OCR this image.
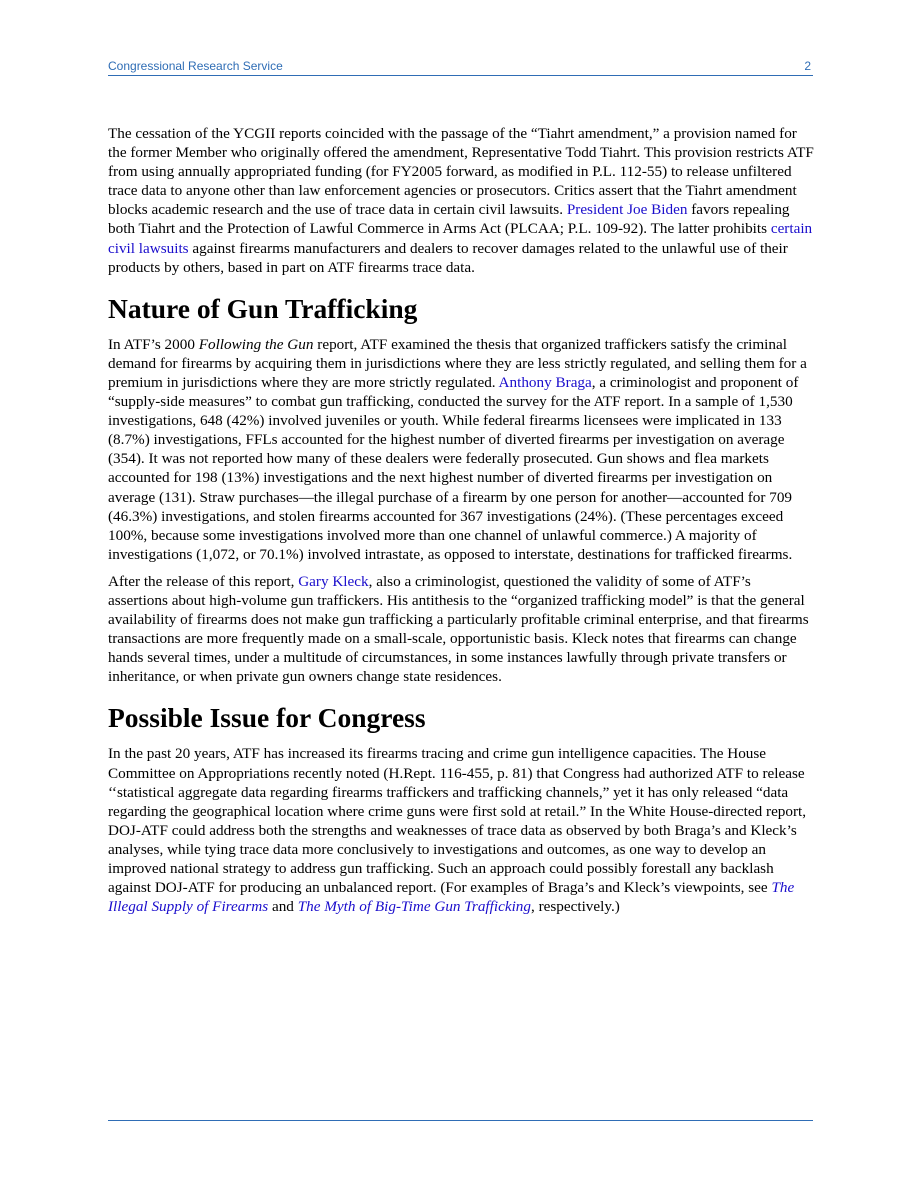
Congressional Research Service	2

The cessation of the YCGII reports coincided with the passage of the “Tiahrt amendment,” a provision named for the former Member who originally offered the amendment, Representative Todd Tiahrt. This provision restricts ATF from using annually appropriated funding (for FY2005 forward, as modified in P.L. 112-55) to release unfiltered trace data to anyone other than law enforcement agencies or prosecutors. Critics assert that the Tiahrt amendment blocks academic research and the use of trace data in certain civil lawsuits. President Joe Biden favors repealing both Tiahrt and the Protection of Lawful Commerce in Arms Act (PLCAA; P.L. 109-92). The latter prohibits certain civil lawsuits against firearms manufacturers and dealers to recover damages related to the unlawful use of their products by others, based in part on ATF firearms trace data.

Nature of Gun Trafficking

In ATF’s 2000 Following the Gun report, ATF examined the thesis that organized traffickers satisfy the criminal demand for firearms by acquiring them in jurisdictions where they are less strictly regulated, and selling them for a premium in jurisdictions where they are more strictly regulated. Anthony Braga, a criminologist and proponent of “supply-side measures” to combat gun trafficking, conducted the survey for the ATF report. In a sample of 1,530 investigations, 648 (42%) involved juveniles or youth. While federal firearms licensees were implicated in 133 (8.7%) investigations, FFLs accounted for the highest number of diverted firearms per investigation on average (354). It was not reported how many of these dealers were federally prosecuted. Gun shows and flea markets accounted for 198 (13%) investigations and the next highest number of diverted firearms per investigation on average (131). Straw purchases—the illegal purchase of a firearm by one person for another—accounted for 709 (46.3%) investigations, and stolen firearms accounted for 367 investigations (24%). (These percentages exceed 100%, because some investigations involved more than one channel of unlawful commerce.) A majority of investigations (1,072, or 70.1%) involved intrastate, as opposed to interstate, destinations for trafficked firearms.

After the release of this report, Gary Kleck, also a criminologist, questioned the validity of some of ATF’s assertions about high-volume gun traffickers. His antithesis to the “organized trafficking model” is that the general availability of firearms does not make gun trafficking a particularly profitable criminal enterprise, and that firearms transactions are more frequently made on a small-scale, opportunistic basis. Kleck notes that firearms can change hands several times, under a multitude of circumstances, in some instances lawfully through private transfers or inheritance, or when private gun owners change state residences.

Possible Issue for Congress

In the past 20 years, ATF has increased its firearms tracing and crime gun intelligence capacities. The House Committee on Appropriations recently noted (H.Rept. 116-455, p. 81) that Congress had authorized ATF to release ‘‘statistical aggregate data regarding firearms traffickers and trafficking channels,” yet it has only released “data regarding the geographical location where crime guns were first sold at retail.” In the White House-directed report, DOJ-ATF could address both the strengths and weaknesses of trace data as observed by both Braga’s and Kleck’s analyses, while tying trace data more conclusively to investigations and outcomes, as one way to develop an improved national strategy to address gun trafficking. Such an approach could possibly forestall any backlash against DOJ-ATF for producing an unbalanced report. (For examples of Braga’s and Kleck’s viewpoints, see The Illegal Supply of Firearms and The Myth of Big-Time Gun Trafficking, respectively.)
